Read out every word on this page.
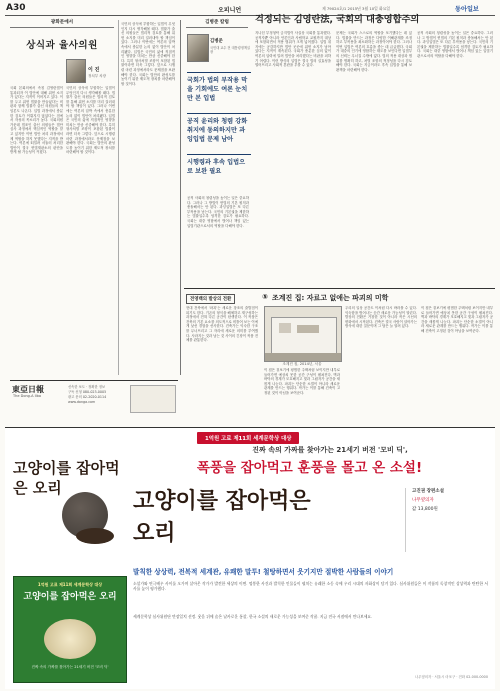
A30	오피니언	제 79024호/1 2015년 3월 10일 화요일	동아일보
광화문에서
상식과 율사의원
이 진
정치부 차장
국회 본회의에서 속칭 김영란법이 통과되자 이 법안에 대해 위헌 소지가 있다는 지적이 이어지고 있다. 이를 두고 위헌 법률을 만들었다는 비판과 함께 법률가 출신 의원들의 책임론도 나온다. 입법 과정에서 충분한 검토가 이뤄지지 않았다는 점에서 자성의 목소리가 높다. 국회의원 가운데 법조인 출신 의원들은 법안 심사 과정에서 핵심적인 역할을 맡고 있지만 이번 법안 처리 과정에서 제 역할을 하지 못했다는 지적을 받는다. 여론에 떠밀려 서둘러 처리한 법안이 결국 헌법재판소의 판단을 받게 될 가능성이 커졌다.
국민의 상식에 부합하는 입법이 무엇인지 다시 생각해볼 때다. 법률가 출신 의원들은 법리적 검토를 통해 위헌 소지를 미리 걸러내야 할 책임이 있다. 그러나 이번에는 여론의 압박 속에서 충분한 논의 없이 법안이 처리됐다. 입법은 국민의 삶에 직접적인 영향을 미치는 만큼 신중해야 한다. 특히 형사처벌 조항이 포함된 법률이라면 더욱 그렇다. 앞으로 시행령 마련 과정에서라도 문제점을 보완해야 한다. 국회는 법안의 완성도를 높이기 위한 제도적 장치를 마련해야 할 것이다.
국민의 상식에 부합하는 입법이 무엇인지 다시 생각해볼 때다. 법률가 출신 의원들은 법리적 검토를 통해 위헌 소지를 미리 걸러내야 할 책임이 있다. 그러나 이번에는 여론의 압박 속에서 충분한 논의 없이 법안이 처리됐다. 입법은 국민의 삶에 직접적인 영향을 미치는 만큼 신중해야 한다. 특히 형사처벌 조항이 포함된 법률이라면 더욱 그렇다. 앞으로 시행령 마련 과정에서라도 문제점을 보완해야 한다. 국회는 법안의 완성도를 높이기 위한 제도적 장치를 마련해야 할 것이다.
東亞日報
The Dong-A Ilbo
신속한 보도 · 정확한 정보
구독 신청 080-023-0005
광고 문의 02-2020-0114
www.donga.com
김병준 칼럼	걱정되는 김영란法, 국회의 대충영합주의
김병준
국민대 교수 전 대통령정책실장
국회가 법의 부작용 막을 기회에도 여론 눈치만 본 입법
공직 윤리와 청렴 강화 취지에 동의하지만 과잉입법 문제 남아
시행령과 후속 입법으로 보완 필요
공직 사회의 청렴성을 높이는 일은 중요하다. 그러나 그 방법이 헌법의 기본 원칙과 충돌해서는 안 된다. 과잉입법은 또 다른 부작용을 낳는다. 국민의 기본권을 제한하는 법률일수록 엄격한 검토가 필요하다. 국회는 대중 영합에서 벗어나 책임 있는 입법기관으로서의 역할을 다해야 한다.
지나친 부정청탁 금지법이 사실상 국회를 통과했다. 공직자뿐 아니라 언론인과 사립학교 교원까지 대상에 포함되면서 적용 범위가 크게 넓어졌다. 입법 취지에는 공감하지만 법안 곳곳에 위헌 소지가 남아 있다는 지적이 계속된다. 국회가 충분한 심의 없이 여론의 압력에 밀려 법안을 처리했다는 비판을 피하기 어렵다. 이런 방식의 입법은 결국 법의 실효성을 떨어뜨리고 사회적 혼란을 부를 수 있다.
문제는 국회가 스스로의 역할을 포기했다는 데 있다. 법률을 만드는 과정은 다양한 이해관계를 조정하고 부작용을 최소화하는 과정이어야 한다. 그러나 이번 입법은 여론의 흐름을 좇는 데 급급했다. 국회가 대중의 인기에 영합하는 태도를 보인다면 입법부의 신뢰는 무너질 수밖에 없다. 법의 적용 대상과 범위를 명확히 하고, 처벌 조항의 적정성을 다시 검토해야 한다. 국회는 지금이라도 후속 입법을 통해 보완책을 마련해야 한다.
공직 사회의 청렴성을 높이는 일은 중요하다. 그러나 그 방법이 헌법의 기본 원칙과 충돌해서는 안 된다. 과잉입법은 또 다른 부작용을 낳는다. 국민의 기본권을 제한하는 법률일수록 엄격한 검토가 필요하다. 국회는 대중 영합에서 벗어나 책임 있는 입법기관으로서의 역할을 다해야 한다.
전영백의 발상의 전환	⑤ 조계진 집: 자료고 없애는 파괴의 미학
현대 건축에서 '파괴'는 새로운 창조의 출발점이 되기도 한다. 기존의 형식을 해체하고 재구성하는 과정에서 전혀 다른 공간이 탄생한다. 이 작품은 건축의 기본 요소를 의도적으로 비틀어 보는 이에게 낯선 경험을 선사한다. 건축가는 익숙한 구조를 무너뜨리고 그 자리에 새로운 의미를 부여했다. 사라지는 것과 남는 것 사이의 긴장이 작품 전체를 관통한다.
조계진 집, 2014년, 서울
이 집은 겉보기에 평범한 주택처럼 보이지만 내부로 들어가면 예상치 못한 공간 구성이 펼쳐진다. 벽과 바닥의 경계가 모호해지고 빛과 그림자가 공간을 새롭게 나눈다. 파괴는 단순한 소멸이 아니라 새로운 관계를 만드는 행위다. 작가는 이를 통해 건축이 고정된 것이 아님을 보여준다.
우리의 일상 공간도 이처럼 다시 바라볼 수 있다. 익숙함을 벗어나는 순간 새로운 가능성이 열린다. 발상의 전환은 거창한 것이 아니라 작은 시선의 변화에서 시작된다. 건축은 결국 사람이 살아가는 방식에 대한 질문이며 그 답은 늘 열려 있다.
이 집은 겉보기에 평범한 주택처럼 보이지만 내부로 들어가면 예상치 못한 공간 구성이 펼쳐진다. 벽과 바닥의 경계가 모호해지고 빛과 그림자가 공간을 새롭게 나눈다. 파괴는 단순한 소멸이 아니라 새로운 관계를 만드는 행위다. 작가는 이를 통해 건축이 고정된 것이 아님을 보여준다.
1억원 고료 제11회 세계문학상 대상
진짜 속의 가짜를 찾아가는 21세기 버전 '모비 딕',
폭풍을 잡아먹고 훈풍을 몰고 온 소설!
고양이를 잡아먹은 오리
1억원 고료 제11회 세계문학상 대상
고양이를 잡아먹은 오리
진짜 속의 가짜를 찾아가는 21세기 버전 '모비 딕'
고양이를 잡아먹은 오리
고진권 장편소설
나무옆의자
값 13,800원
발칙한 상상력, 전복적 세계관, 유쾌한 말투! 철탕하면서 웃기지만 절박한 사람들의 이야기
소설가와 연극배우 사이를 오가며 살아온 작가가 발견한 세상의 이면. 엉뚱한 사건과 발칙한 인물들이 펼치는 유쾌한 소동 속에 우리 시대의 자화상이 담겨 있다. 심사위원들은 이 작품의 독창적인 상상력과 탄탄한 서사를 높이 평가했다.
세계문학상 심사위원단 만장일치 선정. 웃음 뒤에 숨은 날카로운 통찰, 한국 소설의 새로운 가능성을 보여준 작품. 지금 전국 서점에서 만나보세요.
나무옆의자 · 서울시 마포구 · 전화 02-000-0000
